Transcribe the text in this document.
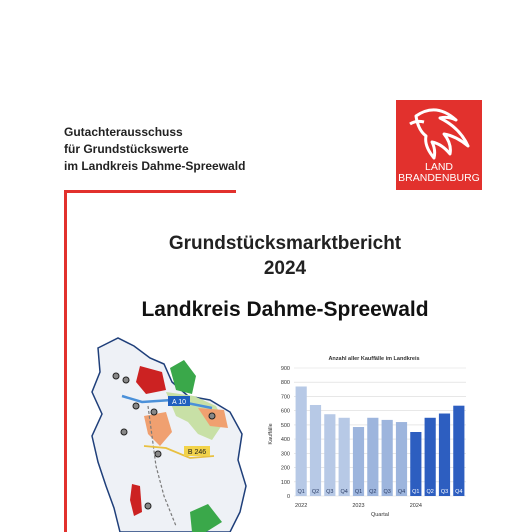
Gutachterausschuss
für Grundstückswerte
im Landkreis Dahme-Spreewald	LAND
BRANDENBURG
Grundstücksmarktbericht
2024
Landkreis Dahme-Spreewald
A 10
B 246
Anzahl aller Kauffälle im Landkreis
Kauffälle
Quartal
0
100
200
300
400
500
600
700
800
900
Q1 Q2 Q3 Q4 Q1 Q2 Q3 Q4 Q1 Q2 Q3 Q4
2022	2023	2024
